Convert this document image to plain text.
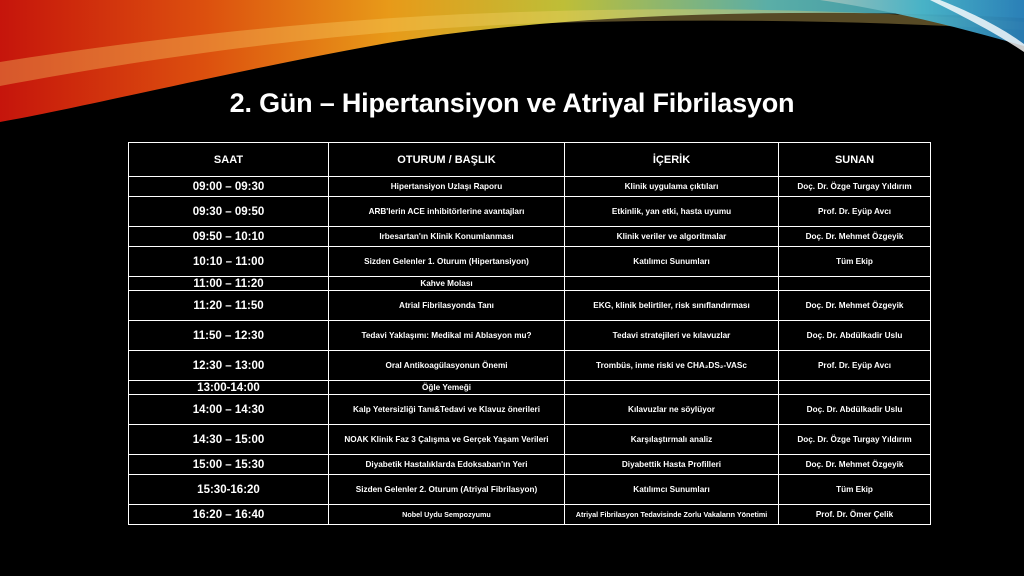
2. Gün – Hipertansiyon ve Atriyal Fibrilasyon
SAAT	OTURUM / BAŞLIK	İÇERİK	SUNAN
09:00 – 09:30	Hipertansiyon Uzlaşı Raporu	Klinik uygulama çıktıları	Doç. Dr. Özge Turgay Yıldırım
09:30 – 09:50	ARB'lerin ACE inhibitörlerine avantajları	Etkinlik, yan etki, hasta uyumu	Prof. Dr. Eyüp Avcı
09:50 – 10:10	Irbesartan'ın Klinik Konumlanması	Klinik veriler ve algoritmalar	Doç. Dr. Mehmet Özgeyik
10:10 – 11:00	Sizden Gelenler 1. Oturum (Hipertansiyon)	Katılımcı Sunumları	Tüm Ekip
11:00 – 11:20	Kahve Molası		
11:20 – 11:50	Atrial Fibrilasyonda Tanı	EKG, klinik belirtiler, risk sınıflandırması	Doç. Dr. Mehmet Özgeyik
11:50 – 12:30	Tedavi Yaklaşımı: Medikal mi Ablasyon mu?	Tedavi stratejileri ve kılavuzlar	Doç. Dr. Abdülkadir Uslu
12:30 – 13:00	Oral Antikoagülasyonun Önemi	Trombüs, inme riski ve CHA₂DS₂-VASc	Prof. Dr. Eyüp Avcı
13:00-14:00	Öğle Yemeği		
14:00 – 14:30	Kalp Yetersizliği Tanı&Tedavi ve Klavuz önerileri	Kılavuzlar ne söylüyor	Doç. Dr. Abdülkadir Uslu
14:30 – 15:00	NOAK Klinik Faz 3 Çalışma ve Gerçek Yaşam Verileri	Karşılaştırmalı analiz	Doç. Dr. Özge Turgay Yıldırım
15:00 – 15:30	Diyabetik Hastalıklarda Edoksaban'ın Yeri	Diyabettik Hasta Profilleri	Doç. Dr. Mehmet Özgeyik
15:30-16:20	Sizden Gelenler 2. Oturum (Atriyal Fibrilasyon)	Katılımcı Sunumları	Tüm Ekip
16:20 – 16:40	Nobel Uydu Sempozyumu	Atriyal Fibrilasyon Tedavisinde Zorlu Vakaların Yönetimi	Prof. Dr. Ömer Çelik
